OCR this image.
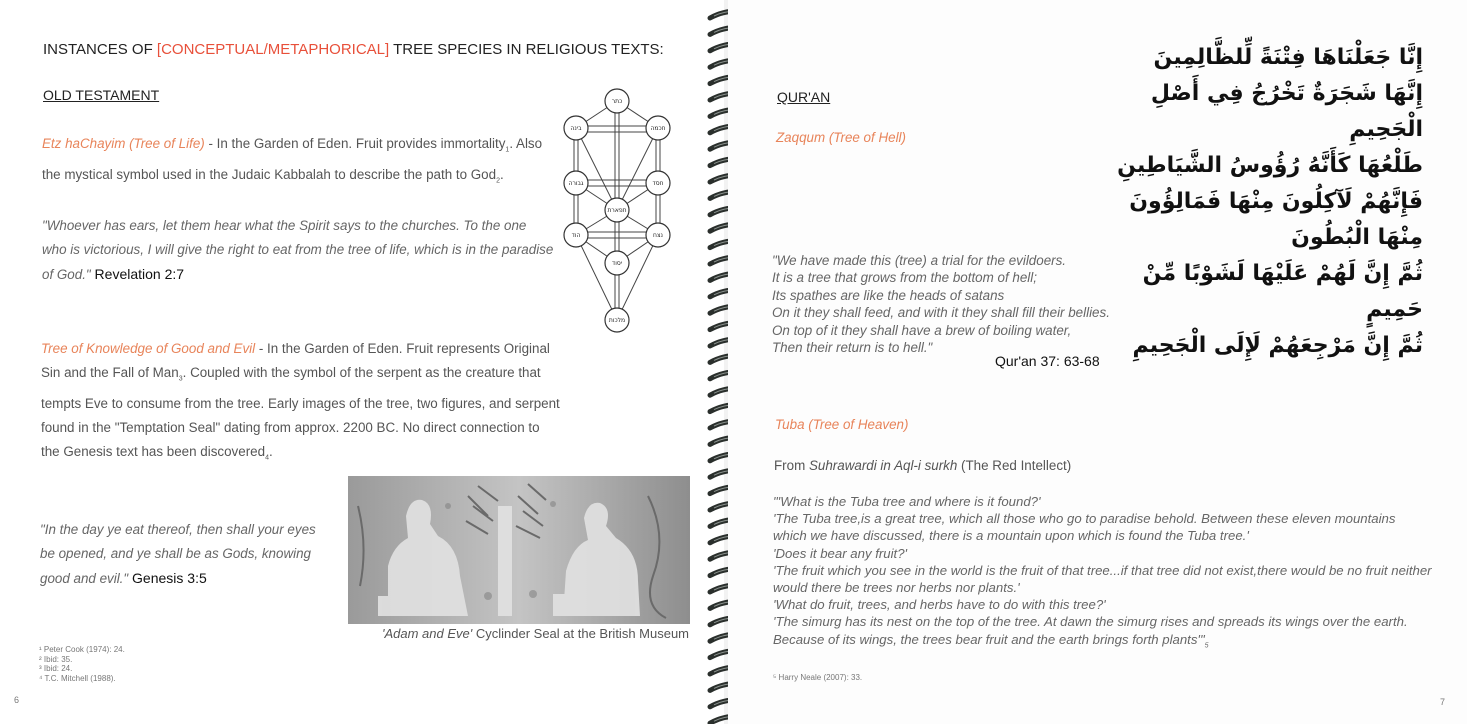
INSTANCES OF [CONCEPTUAL/METAPHORICAL] TREE SPECIES IN RELIGIOUS TEXTS:
OLD TESTAMENT
Etz haChayim (Tree of Life) - In the Garden of Eden. Fruit provides immortality$_1$. Also
the mystical symbol used in the Judaic Kabbalah to describe the path to God$_2$.
"Whoever has ears, let them hear what the Spirit says to the churches. To the one
who is victorious, I will give the right to eat from the tree of life, which is in the paradise
of God." Revelation 2:7
כתר
בינה	חכמה
גבורה	חסד
תפארת
הוד	נצח
יסוד
מלכות
Tree of Knowledge of Good and Evil - In the Garden of Eden. Fruit represents Original
Sin and the Fall of Man$_3$. Coupled with the symbol of the serpent as the creature that
tempts Eve to consume from the tree. Early images of the tree, two figures, and serpent
found in the "Temptation Seal" dating from approx. 2200 BC. No direct connection to
the Genesis text has been discovered$_4$.
"In the day ye eat thereof, then shall your eyes
be opened, and ye shall be as Gods, knowing
good and evil." Genesis 3:5
'Adam and Eve' Cyclinder Seal at the British Museum
¹ Peter Cook (1974): 24.
² Ibid: 35.
³ Ibid: 24.
⁴ T.C. Mitchell (1988).
6
QUR'AN
Zaqqum (Tree of Hell)
إِنَّا جَعَلْنَاهَا فِتْنَةً لِّلظَّالِمِينَ
إِنَّهَا شَجَرَةٌ تَخْرُجُ فِي أَصْلِ الْجَحِيمِ
طَلْعُهَا كَأَنَّهُ رُؤُوسُ الشَّيَاطِينِ
فَإِنَّهُمْ لَآكِلُونَ مِنْهَا فَمَالِؤُونَ مِنْهَا الْبُطُونَ
ثُمَّ إِنَّ لَهُمْ عَلَيْهَا لَشَوْبًا مِّنْ حَمِيمٍ
ثُمَّ إِنَّ مَرْجِعَهُمْ لَإِلَى الْجَحِيمِ
"We have made this (tree) a trial for the evildoers.
It is a tree that grows from the bottom of hell;
Its spathes are like the heads of satans
On it they shall feed, and with it they shall fill their bellies.
On top of it they shall have a brew of boiling water,
Then their return is to hell."
Qur'an 37: 63-68
Tuba (Tree of Heaven)
From Suhrawardi in Aql-i surkh (The Red Intellect)
"'What is the Tuba tree and where is it found?'
'The Tuba tree,is a great tree, which all those who go to paradise behold. Between these eleven mountains
which we have discussed, there is a mountain upon which is found the Tuba tree.'
'Does it bear any fruit?'
'The fruit which you see in the world is the fruit of that tree...if that tree did not exist,there would be no fruit neither
would there be trees nor herbs nor plants.'
'What do fruit, trees, and herbs have to do with this tree?'
'The simurg has its nest on the top of the tree. At dawn the simurg rises and spreads its wings over the earth.
Because of its wings, the trees bear fruit and the earth brings forth $plants'"_5$
⁵ Harry Neale (2007): 33.
7
